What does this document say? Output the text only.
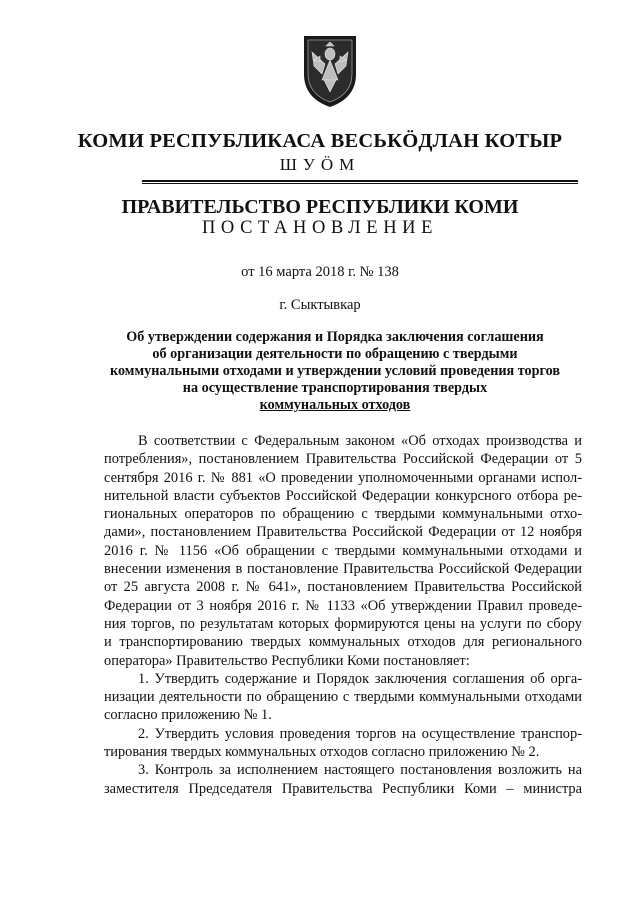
КОМИ РЕСПУБЛИКАСА ВЕСЬКӦДЛАН КОТЫР
ШУӦМ
ПРАВИТЕЛЬСТВО РЕСПУБЛИКИ КОМИ
ПОСТАНОВЛЕНИЕ
от 16 марта 2018 г. № 138
г. Сыктывкар
Об утверждении содержания и Порядка заключения соглашения
об организации деятельности по обращению с твердыми
коммунальными отходами и утверждении условий проведения торгов
на осуществление транспортирования твердых
коммунальных отходов
В соответствии с Федеральным законом «Об отходах производства и
потребления», постановлением Правительства Российской Федерации от 5
сентября 2016 г. № 881 «О проведении уполномоченными органами испол-
нительной власти субъектов Российской Федерации конкурсного отбора ре-
гиональных операторов по обращению с твердыми коммунальными отхо-
дами», постановлением Правительства Российской Федерации от 12 ноября
2016 г. № 1156 «Об обращении с твердыми коммунальными отходами и
внесении изменения в постановление Правительства Российской Федерации
от 25 августа 2008 г. № 641», постановлением Правительства Российской
Федерации от 3 ноября 2016 г. № 1133 «Об утверждении Правил проведе-
ния торгов, по результатам которых формируются цены на услуги по сбору
и транспортированию твердых коммунальных отходов для регионального
оператора» Правительство Республики Коми постановляет:
1. Утвердить содержание и Порядок заключения соглашения об орга-
низации деятельности по обращению с твердыми коммунальными отходами
согласно приложению № 1.
2. Утвердить условия проведения торгов на осуществление транспор-
тирования твердых коммунальных отходов согласно приложению № 2.
3. Контроль за исполнением настоящего постановления возложить на
заместителя Председателя Правительства Республики Коми – министра
